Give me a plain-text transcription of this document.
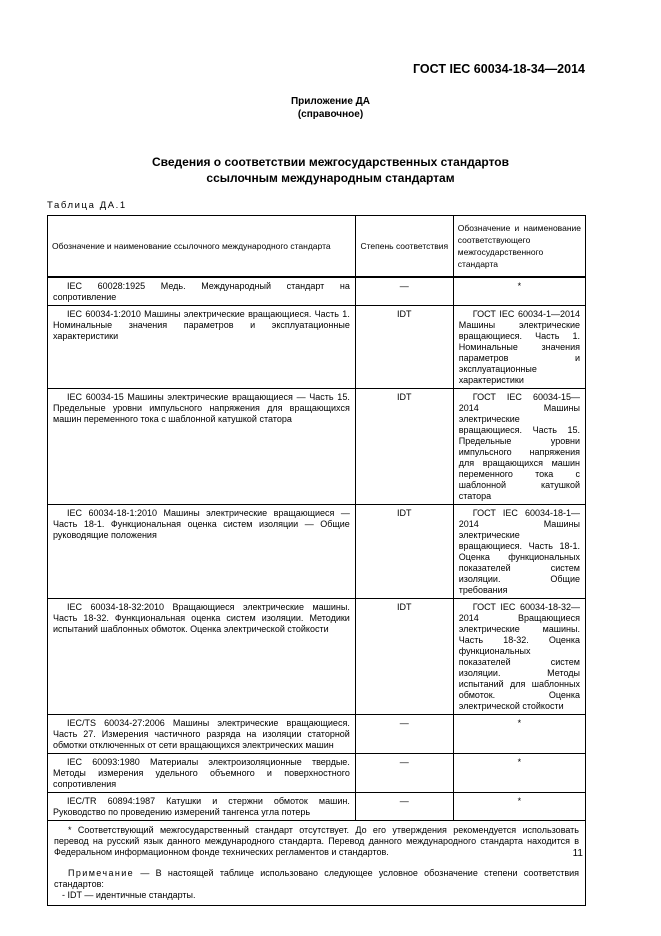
ГОСТ IEC 60034-18-34—2014
Приложение ДА
(справочное)
Сведения о соответствии межгосударственных стандартов
ссылочным международным стандартам
Таблица ДА.1
Обозначение и наименование ссылочного международного стандарта	Степень соответствия	Обозначение и наименование соответствующего межгосударственного стандарта

IEC 60028:1925 Медь. Международный стандарт на сопротивление	—	*

IEC 60034-1:2010 Машины электрические вращающиеся. Часть 1. Номинальные значения параметров и эксплуатационные характеристики	IDT	ГОСТ IEC 60034-1—2014 Машины электрические вращающиеся. Часть 1. Номинальные значения параметров и эксплуатационные характеристики

IEC 60034-15 Машины электрические вращающиеся — Часть 15. Предельные уровни импульсного напряжения для вращающихся машин переменного тока с шаблонной катушкой статора	IDT	ГОСТ IEC 60034-15—2014 Машины электрические вращающиеся. Часть 15. Предельные уровни импульсного напряжения для вращающихся машин переменного тока с шаблонной катушкой статора

IEC 60034-18-1:2010 Машины электрические вращающиеся — Часть 18-1. Функциональная оценка систем изоляции — Общие руководящие положения	IDT	ГОСТ IEC 60034-18-1—2014 Машины электрические вращающиеся. Часть 18-1. Оценка функциональных показателей систем изоляции. Общие требования

IEC 60034-18-32:2010 Вращающиеся электрические машины. Часть 18-32. Функциональная оценка систем изоляции. Методики испытаний шаблонных обмоток. Оценка электрической стойкости	IDT	ГОСТ IEC 60034-18-32—2014 Вращающиеся электрические машины. Часть 18-32. Оценка функциональных показателей систем изоляции. Методы испытаний для шаблонных обмоток. Оценка электрической стойкости

IEC/TS 60034-27:2006 Машины электрические вращающиеся. Часть 27. Измерения частичного разряда на изоляции статорной обмотки отключенных от сети вращающихся электрических машин	—	*

IEC 60093:1980 Материалы электроизоляционные твердые. Методы измерения удельного объемного и поверхностного сопротивления	—	*

IEC/TR 60894:1987 Катушки и стержни обмоток машин. Руководство по проведению измерений тангенса угла потерь	—	*

* Соответствующий межгосударственный стандарт отсутствует. До его утверждения рекомендуется использовать перевод на русский язык данного международного стандарта. Перевод данного международного стандарта находится в Федеральном информационном фонде технических регламентов и стандартов.

Примечание — В настоящей таблице использовано следующее условное обозначение степени соответствия стандартов:

- IDT — идентичные стандарты.		

11
